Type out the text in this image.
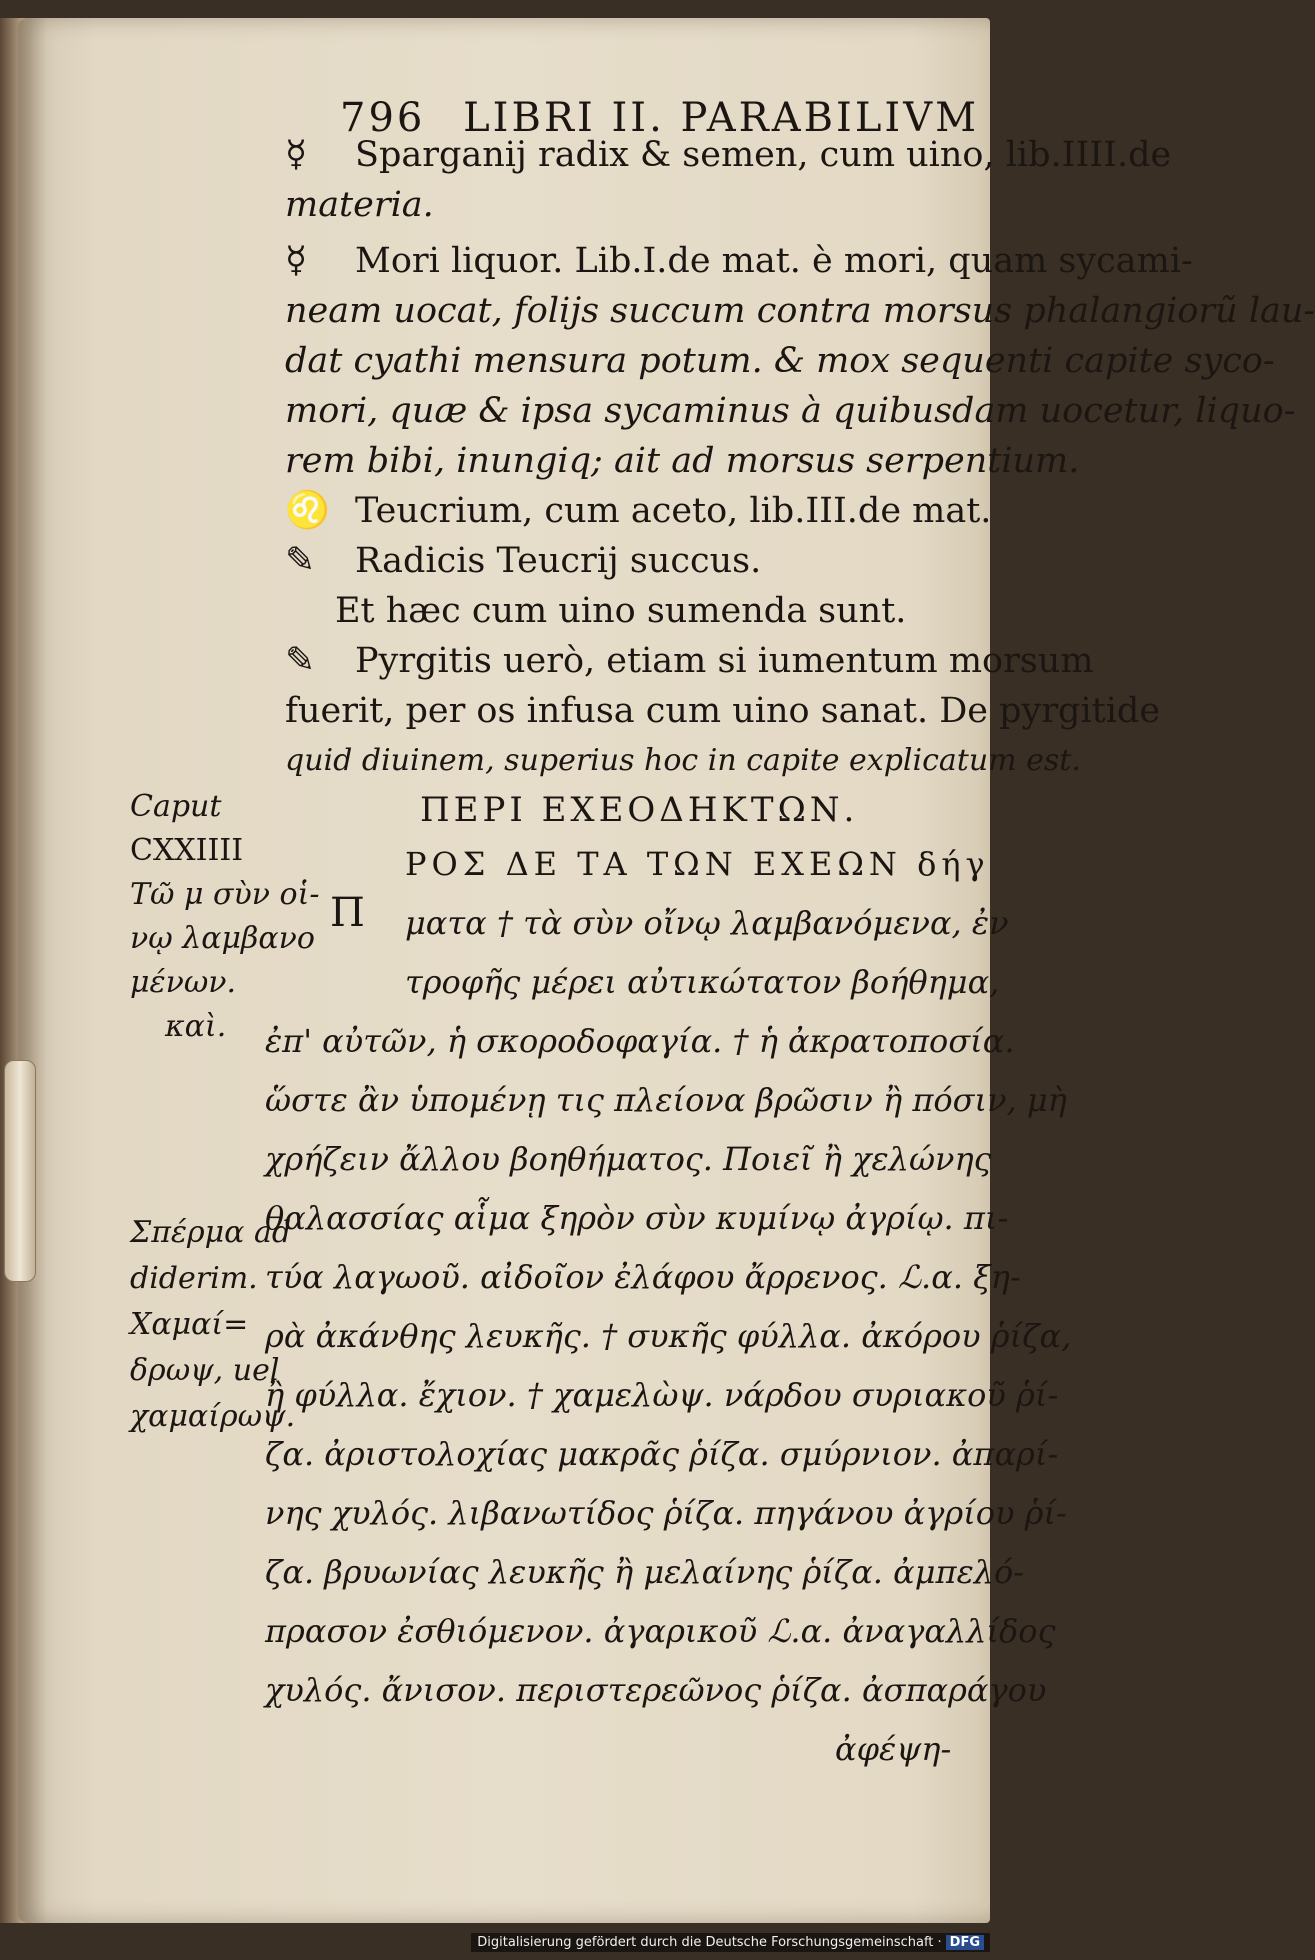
796 LIBRI II. PARABILIVM
☿ Sparganij radix & semen, cum uino, lib.IIII.de
materia.
☿ Mori liquor. Lib.I.de mat. è mori, quam sycami-
neam uocat, folijs succum contra morsus phalangiorũ lau-
dat cyathi mensura potum. & mox sequenti capite syco-
mori, quæ & ipsa sycaminus à quibusdam uocetur, liquo-
rem bibi, inungiq; ait ad morsus serpentium.
♌ Teucrium, cum aceto, lib.III.de mat.
✎ Radicis Teucrij succus.
Et hæc cum uino sumenda sunt.
✎ Pyrgitis uerò, etiam si iumentum morsum
fuerit, per os infusa cum uino sanat. De pyrgitide
quid diuinem, superius hoc in capite explicatum est.
Caput
CXXIIII
Τῶ μ σὺν οἱ-
νῳ λαμβανο
μένων.
καὶ.
ΠΕΡΙ ΕΧΕΟΔΗΚΤΩΝ.
Π
ΡΟΣ ΔΕ ΤΑ ΤΩΝ ΕΧΕΩΝ δήγ
ματα † τὰ σὺν οἴνῳ λαμβανόμενα, ἐν
τροφῆς μέρει αὐτικώτατον βοήθημα,
ἐπ' αὐτῶν, ἡ σκοροδοφαγία. † ἡ ἀκρατοποσία.
ὥστε ἂν ὑπομένῃ τις πλείονα βρῶσιν ἢ πόσιν, μὴ
χρήζειν ἄλλου βοηθήματος. Ποιεῖ ἢ χελώνης
θαλασσίας αἷμα ξηρὸν σὺν κυμίνῳ ἀγρίῳ. πι-
τύα λαγωοῦ. αἰδοῖον ἐλάφου ἄρρενος. ℒ.α. ξη-
ρὰ ἀκάνθης λευκῆς. † συκῆς φύλλα. ἀκόρου ῥίζα,
ἢ φύλλα. ἔχιον. † χαμελὼψ. νάρδου συριακοῦ ῥί-
ζα. ἀριστολοχίας μακρᾶς ῥίζα. σμύρνιον. ἀπαρί-
νης χυλός. λιβανωτίδος ῥίζα. πηγάνου ἀγρίου ῥί-
ζα. βρυωνίας λευκῆς ἢ μελαίνης ῥίζα. ἀμπελό-
πρασον ἐσθιόμενον. ἀγαρικοῦ ℒ.α. ἀναγαλλίδος
χυλός. ἄνισον. περιστερεῶνος ῥίζα. ἀσπαράγου
ἀφέψη-
Σπέρμα ad
diderim.
Χαμαί=
δρωψ, uel
χαμαίρωψ.
Digitalisierung gefördert durch die Deutsche Forschungsgemeinschaft · DFG
